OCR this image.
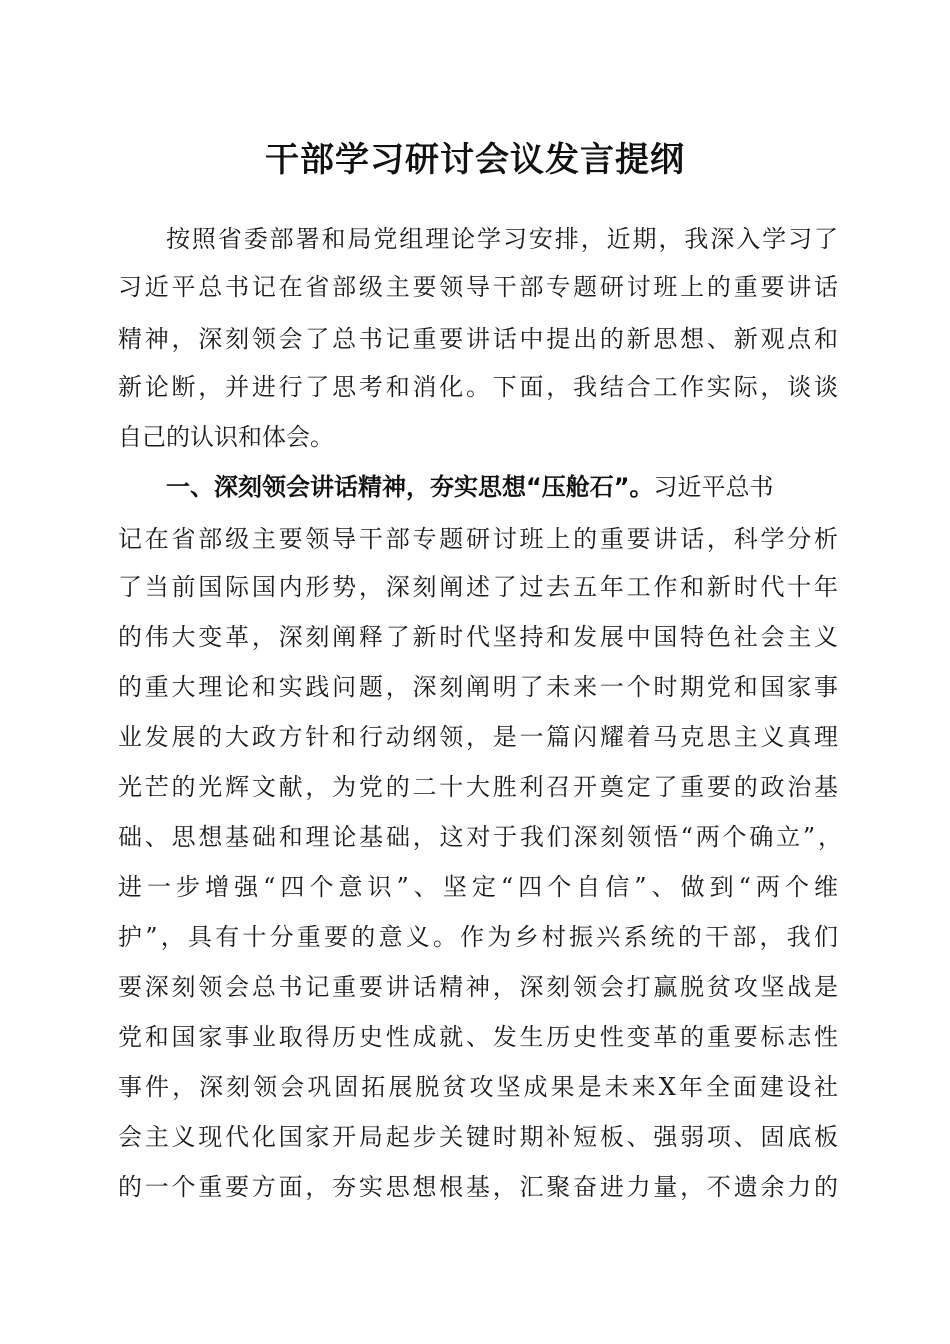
干部学习研讨会议发言提纲
按照省委部署和局党组理论学习安排，近期，我深入学习了
习近平总书记在省部级主要领导干部专题研讨班上的重要讲话
精神，深刻领会了总书记重要讲话中提出的新思想、新观点和
新论断，并进行了思考和消化。下面，我结合工作实际，谈谈
自己的认识和体会。
一、深刻领会讲话精神，夯实思想“压舱石”。习近平总书
记在省部级主要领导干部专题研讨班上的重要讲话，科学分析
了当前国际国内形势，深刻阐述了过去五年工作和新时代十年
的伟大变革，深刻阐释了新时代坚持和发展中国特色社会主义
的重大理论和实践问题，深刻阐明了未来一个时期党和国家事
业发展的大政方针和行动纲领，是一篇闪耀着马克思主义真理
光芒的光辉文献，为党的二十大胜利召开奠定了重要的政治基
础、思想基础和理论基础，这对于我们深刻领悟“两个确立”，
进一步增强“四个意识”、坚定“四个自信”、做到“两个维
护”，具有十分重要的意义。作为乡村振兴系统的干部，我们
要深刻领会总书记重要讲话精神，深刻领会打赢脱贫攻坚战是
党和国家事业取得历史性成就、发生历史性变革的重要标志性
事件，深刻领会巩固拓展脱贫攻坚成果是未来X年全面建设社
会主义现代化国家开局起步关键时期补短板、强弱项、固底板
的一个重要方面，夯实思想根基，汇聚奋进力量，不遗余力的
